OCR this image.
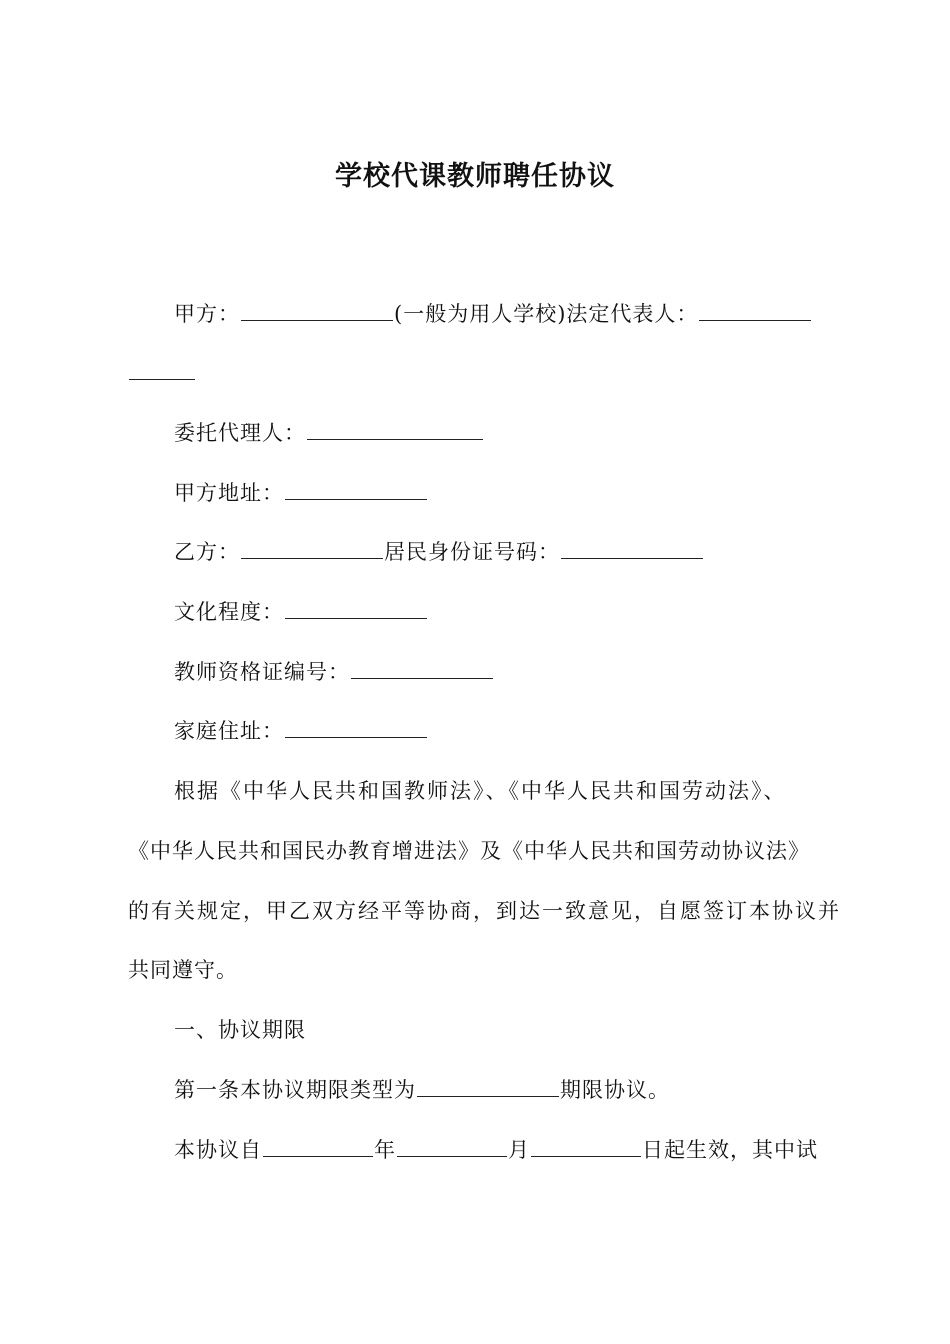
学校代课教师聘任协议
甲方：	(一般为用人学校)法定代表人：
委托代理人：
甲方地址：
乙方：	居民身份证号码：
文化程度：
教师资格证编号：
家庭住址：
根据《中华人民共和国教师法》、《中华人民共和国劳动法》、
《中华人民共和国民办教育增进法》及《中华人民共和国劳动协议法》
的有关规定，甲乙双方经平等协商，到达一致意见，自愿签订本协议并
共同遵守。
一、协议期限
第一条本协议期限类型为	期限协议。
本协议自	年	月	日起生效，其中试
